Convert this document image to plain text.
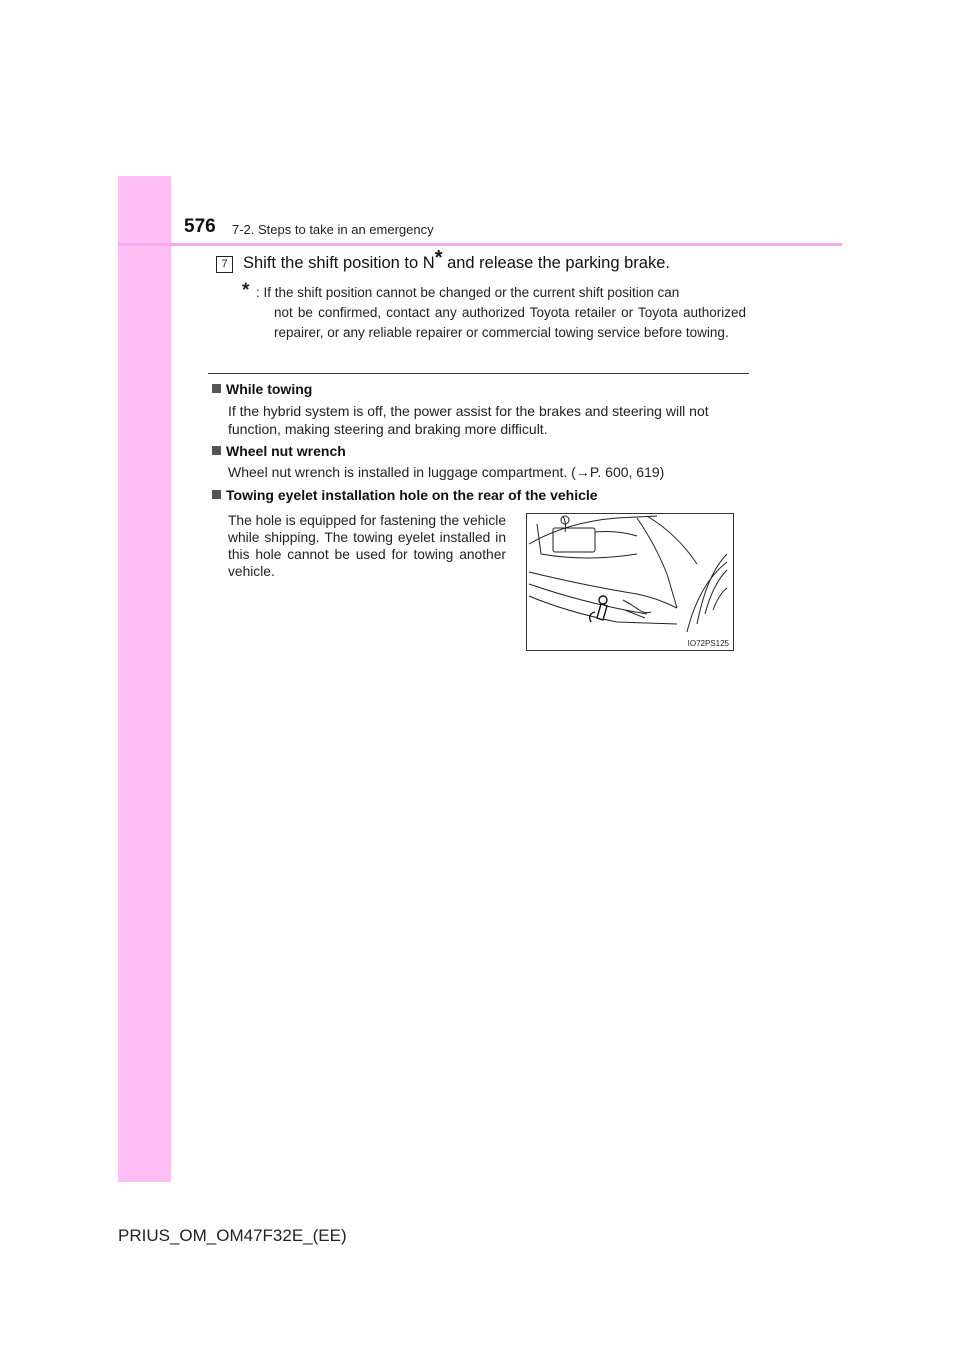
576 7-2. Steps to take in an emergency
7 Shift the shift position to N* and release the parking brake.
* : If the shift position cannot be changed or the current shift position can
not be confirmed, contact any authorized Toyota retailer or Toyota authorized repairer, or any reliable repairer or commercial towing service before towing.
While towing
If the hybrid system is off, the power assist for the brakes and steering will not function, making steering and braking more difficult.
Wheel nut wrench
Wheel nut wrench is installed in luggage compartment. (→P. 600, 619)
Towing eyelet installation hole on the rear of the vehicle
The hole is equipped for fastening the vehicle while shipping. The towing eyelet installed in this hole cannot be used for towing another vehicle.
IO72PS125
PRIUS_OM_OM47F32E_(EE)
